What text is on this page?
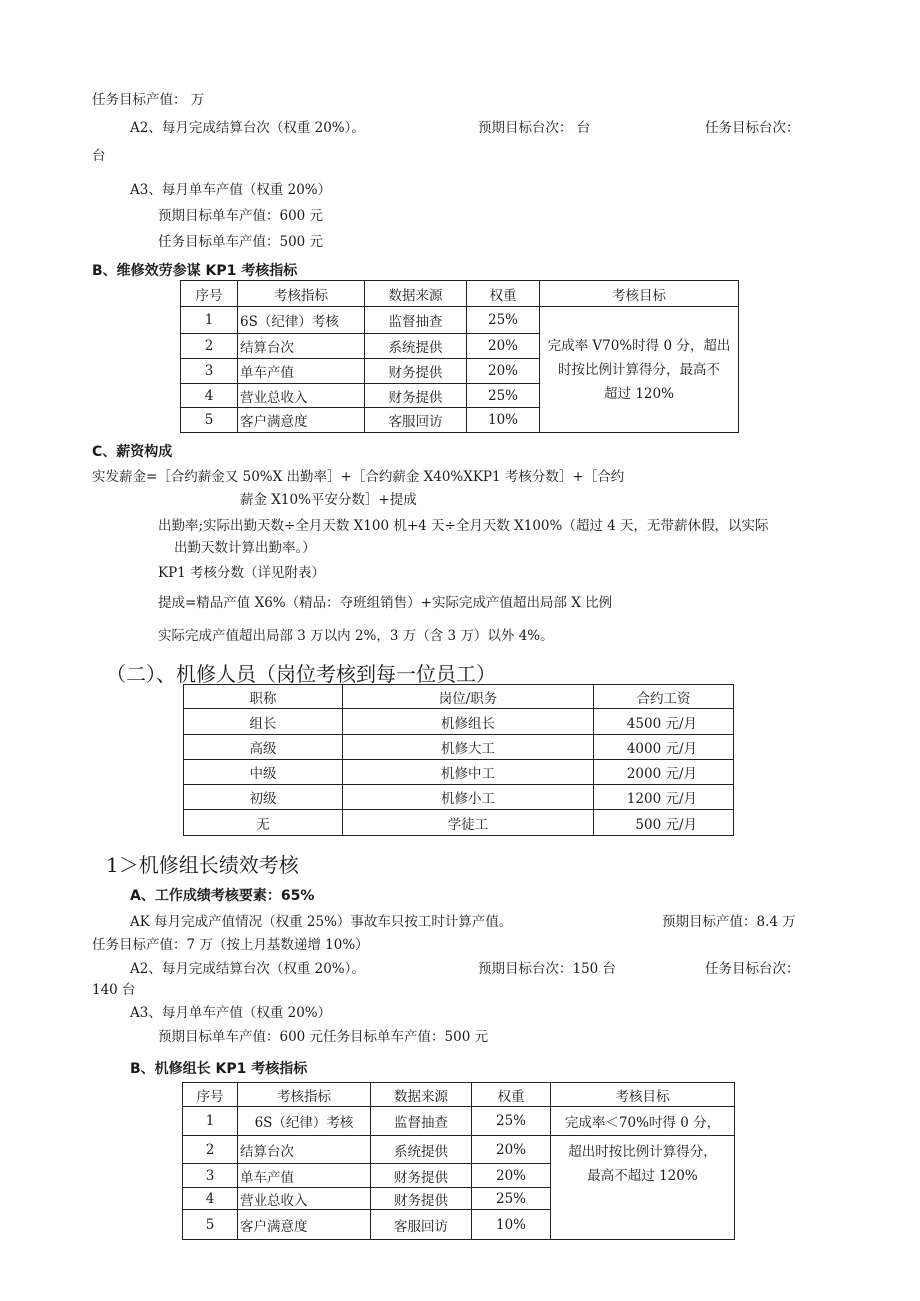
任务目标产值： 万
A2、每月完成结算台次（权重 20%）。	预期目标台次： 台	任务目标台次：
台
A3、每月单车产值（权重 20%）
预期目标单车产值：600 元
任务目标单车产值：500 元
B、维修效劳参谋 KP1 考核指标
序号	考核指标	数据来源	权重	考核目标
1	6S（纪律）考核	监督抽查	25%	完成率 V70%时得 0 分，超出
时按比例计算得分，最高不
超过 120%

2	结算台次	系统提供	20%	
3	单车产值	财务提供	20%	
4	营业总收入	财务提供	25%	
5	客户满意度	客服回访	10%	
C、薪资构成
实发薪金=［合约薪金又 50%X 出勤率］+［合约薪金 X40%XKP1 考核分数］+［合约
薪金 X10%平安分数］+提成
出勤率;实际出勤天数÷全月天数 X100 机+4 天÷全月天数 X100%（超过 4 天，无带薪休假，以实际
出勤天数计算出勤率。）
KP1 考核分数（详见附表）
提成=精品产值 X6%（精品：夺班组销售）+实际完成产值超出局部 X 比例
实际完成产值超出局部 3 万以内 2%，3 万（含 3 万）以外 4%。
（二）、机修人员（岗位考核到每一位员工）
职称	岗位/职务	合约工资
组长	机修组长	4500 元/月
高级	机修大工	4000 元/月
中级	机修中工	2000 元/月
初级	机修小工	1200 元/月
无	学徒工	500 元/月
1＞机修组长绩效考核
A、工作成绩考核要素：65%
AK 每月完成产值情况（权重 25%）事故车只按工时计算产值。	预期目标产值：8.4 万
任务目标产值：7 万（按上月基数递增 10%）
A2、每月完成结算台次（权重 20%）。	预期目标台次：150 台	任务目标台次：
140 台
A3、每月单车产值（权重 20%）
预期目标单车产值：600 元任务目标单车产值：500 元
B、机修组长 KP1 考核指标
序号	考核指标	数据来源	权重	考核目标
1	6S（纪律）考核	监督抽查	25%	完成率＜70%吋得 0 分，
2	结算台次	系统提供	20%	超出时按比例计算得分，
最高不超过 120%

3	单车产值	财务提供	20%	
4	营业总收入	财务提供	25%	
5	客户满意度	客服回访	10%	
